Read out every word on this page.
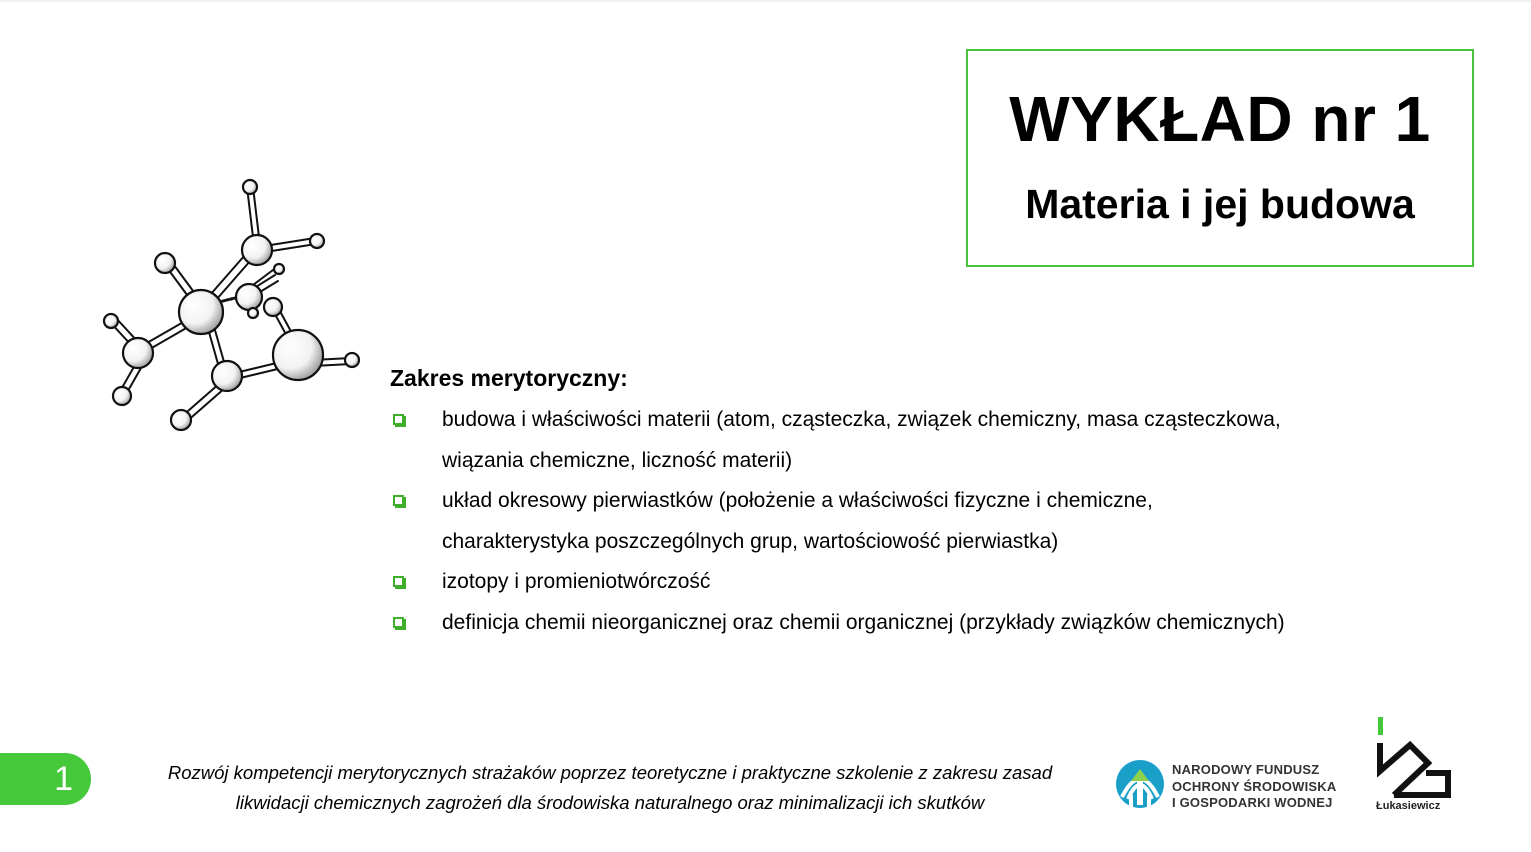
WYKŁAD nr 1
Materia i jej budowa
Zakres merytoryczny:
budowa i właściwości materii (atom, cząsteczka, związek chemiczny, masa cząsteczkowa,
wiązania chemiczne, liczność materii)
układ okresowy pierwiastków (położenie a właściwości fizyczne i chemiczne,
charakterystyka poszczególnych grup, wartościowość pierwiastka)
izotopy i promieniotwórczość
definicja chemii nieorganicznej oraz chemii organicznej (przykłady związków chemicznych)
1	Rozwój kompetencji merytorycznych strażaków poprzez teoretyczne i praktyczne szkolenie z zakresu zasad
likwidacji chemicznych zagrożeń dla środowiska naturalnego oraz minimalizacji ich skutków
NARODOWY FUNDUSZ
OCHRONY ŚRODOWISKA
I GOSPODARKI WODNEJ	Łukasiewicz
